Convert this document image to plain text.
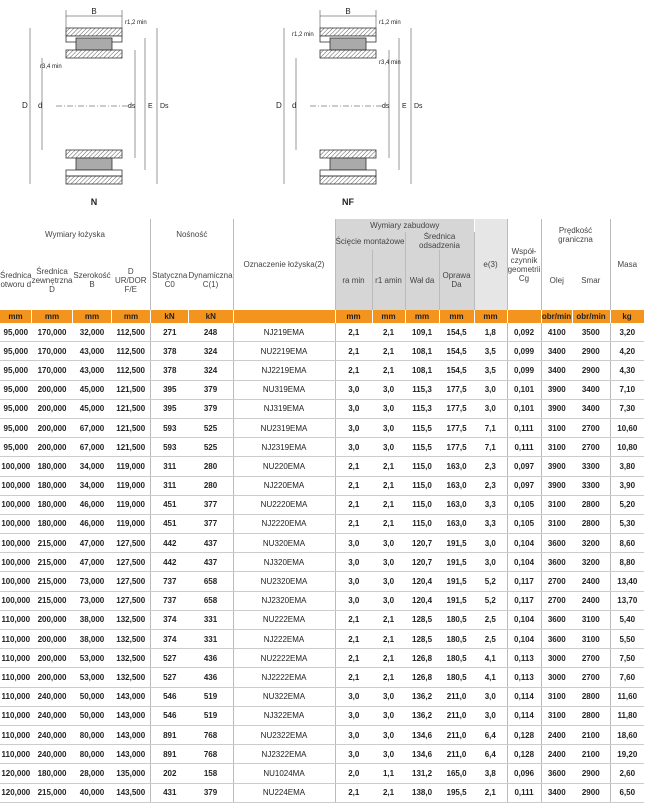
B
r1,2 min
r3,4 min
D d	ds E Ds
N
B
r1,2 min
r1,2 min
r3,4 min
D d	ds E Ds
NF
Wymiary łożyska				Nośność		Oznaczenie łożyska(2)	Wymiary zabudowy				e(3)	Współ-czynnik geometrii Cg	Prędkość graniczna		Masa
							Ścięcie montażowe		Średnica odsadzenia						
Średnica otworu d	Średnica zewnętrzna D	Szerokość B	D UR/DOR F/E	Statyczna C0	Dynamiczna C(1)		ra min	r1 amin	Wał da	Oprawa Da			Olej	Smar	
mm	mm	mm	mm	kN	kN		mm	mm	mm	mm	mm		obr/min	obr/min	kg
95,000	170,000	32,000	112,500	271	248	NJ219EMA	2,1	2,1	109,1	154,5	1,8	0,092	4100	3500	3,20
95,000	170,000	43,000	112,500	378	324	NU2219EMA	2,1	2,1	108,1	154,5	3,5	0,099	3400	2900	4,20
95,000	170,000	43,000	112,500	378	324	NJ2219EMA	2,1	2,1	108,1	154,5	3,5	0,099	3400	2900	4,30
95,000	200,000	45,000	121,500	395	379	NU319EMA	3,0	3,0	115,3	177,5	3,0	0,101	3900	3400	7,10
95,000	200,000	45,000	121,500	395	379	NJ319EMA	3,0	3,0	115,3	177,5	3,0	0,101	3900	3400	7,30
95,000	200,000	67,000	121,500	593	525	NU2319EMA	3,0	3,0	115,5	177,5	7,1	0,111	3100	2700	10,60
95,000	200,000	67,000	121,500	593	525	NJ2319EMA	3,0	3,0	115,5	177,5	7,1	0,111	3100	2700	10,80
100,000	180,000	34,000	119,000	311	280	NU220EMA	2,1	2,1	115,0	163,0	2,3	0,097	3900	3300	3,80
100,000	180,000	34,000	119,000	311	280	NJ220EMA	2,1	2,1	115,0	163,0	2,3	0,097	3900	3300	3,90
100,000	180,000	46,000	119,000	451	377	NU2220EMA	2,1	2,1	115,0	163,0	3,3	0,105	3100	2800	5,20
100,000	180,000	46,000	119,000	451	377	NJ2220EMA	2,1	2,1	115,0	163,0	3,3	0,105	3100	2800	5,30
100,000	215,000	47,000	127,500	442	437	NU320EMA	3,0	3,0	120,7	191,5	3,0	0,104	3600	3200	8,60
100,000	215,000	47,000	127,500	442	437	NJ320EMA	3,0	3,0	120,7	191,5	3,0	0,104	3600	3200	8,80
100,000	215,000	73,000	127,500	737	658	NU2320EMA	3,0	3,0	120,4	191,5	5,2	0,117	2700	2400	13,40
100,000	215,000	73,000	127,500	737	658	NJ2320EMA	3,0	3,0	120,4	191,5	5,2	0,117	2700	2400	13,70
110,000	200,000	38,000	132,500	374	331	NU222EMA	2,1	2,1	128,5	180,5	2,5	0,104	3600	3100	5,40
110,000	200,000	38,000	132,500	374	331	NJ222EMA	2,1	2,1	128,5	180,5	2,5	0,104	3600	3100	5,50
110,000	200,000	53,000	132,500	527	436	NU2222EMA	2,1	2,1	126,8	180,5	4,1	0,113	3000	2700	7,50
110,000	200,000	53,000	132,500	527	436	NJ2222EMA	2,1	2,1	126,8	180,5	4,1	0,113	3000	2700	7,60
110,000	240,000	50,000	143,000	546	519	NU322EMA	3,0	3,0	136,2	211,0	3,0	0,114	3100	2800	11,60
110,000	240,000	50,000	143,000	546	519	NJ322EMA	3,0	3,0	136,2	211,0	3,0	0,114	3100	2800	11,80
110,000	240,000	80,000	143,000	891	768	NU2322EMA	3,0	3,0	134,6	211,0	6,4	0,128	2400	2100	18,60
110,000	240,000	80,000	143,000	891	768	NJ2322EMA	3,0	3,0	134,6	211,0	6,4	0,128	2400	2100	19,20
120,000	180,000	28,000	135,000	202	158	NU1024MA	2,0	1,1	131,2	165,0	3,8	0,096	3600	2900	2,60
120,000	215,000	40,000	143,500	431	379	NU224EMA	2,1	2,1	138,0	195,5	2,1	0,111	3400	2900	6,50
